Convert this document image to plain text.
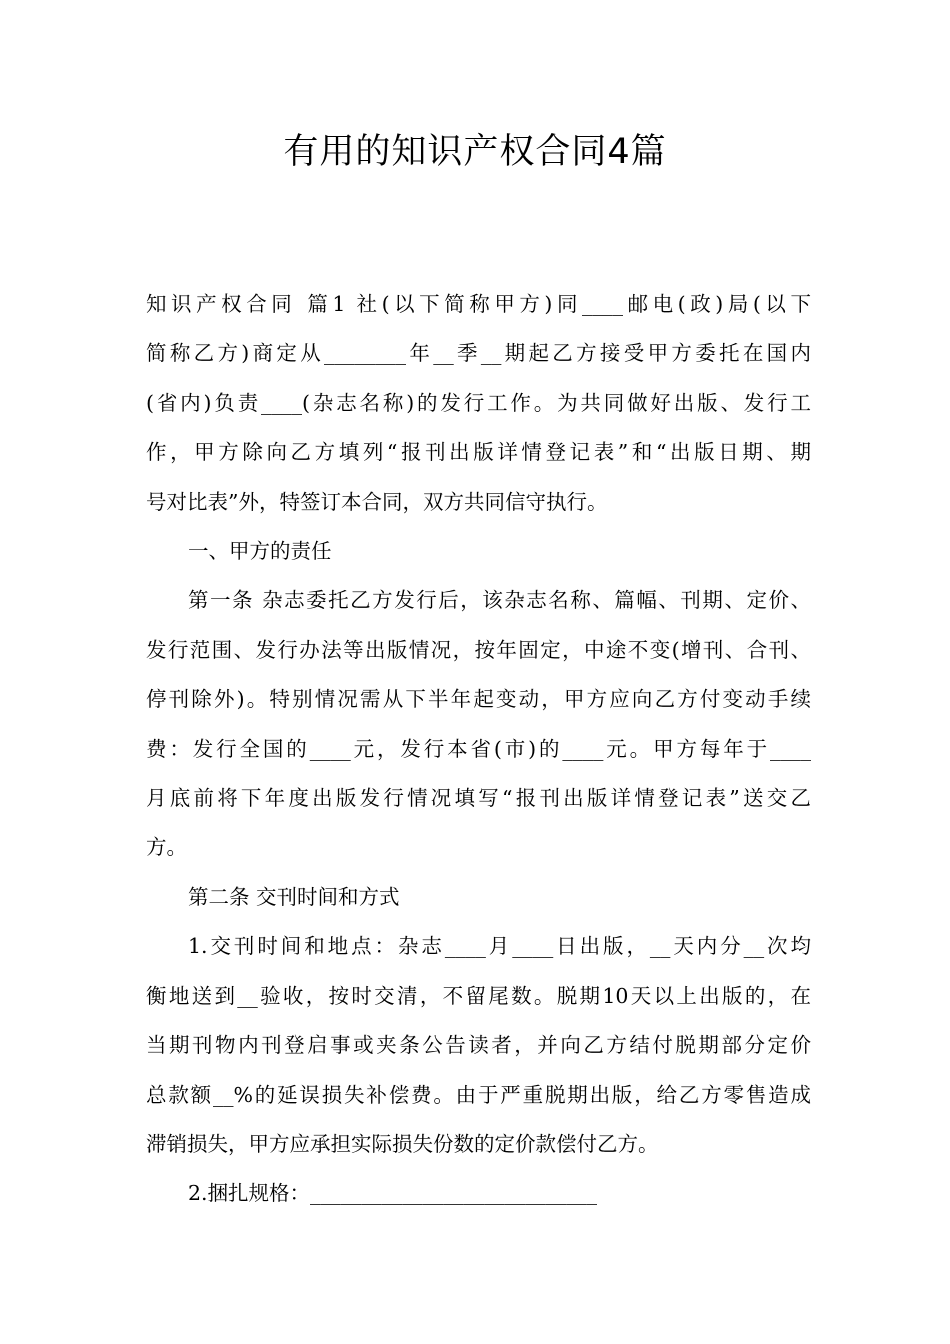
有用的知识产权合同4篇
知识产权合同 篇1 社(以下简称甲方)同____邮电(政)局(以下
简称乙方)商定从________年__季__期起乙方接受甲方委托在国内
(省内)负责____(杂志名称)的发行工作。为共同做好出版、发行工
作，甲方除向乙方填列“报刊出版详情登记表”和“出版日期、期
号对比表”外，特签订本合同，双方共同信守执行。
一、甲方的责任
第一条 杂志委托乙方发行后，该杂志名称、篇幅、刊期、定价、
发行范围、发行办法等出版情况，按年固定，中途不变(增刊、合刊、
停刊除外)。特别情况需从下半年起变动，甲方应向乙方付变动手续
费：发行全国的____元，发行本省(市)的____元。甲方每年于____
月底前将下年度出版发行情况填写“报刊出版详情登记表”送交乙
方。
第二条 交刊时间和方式
1.交刊时间和地点：杂志____月____日出版，__天内分__次均
衡地送到__验收，按时交清，不留尾数。脱期10天以上出版的，在
当期刊物内刊登启事或夹条公告读者，并向乙方结付脱期部分定价
总款额__%的延误损失补偿费。由于严重脱期出版，给乙方零售造成
滞销损失，甲方应承担实际损失份数的定价款偿付乙方。
2.捆扎规格：____________________________
